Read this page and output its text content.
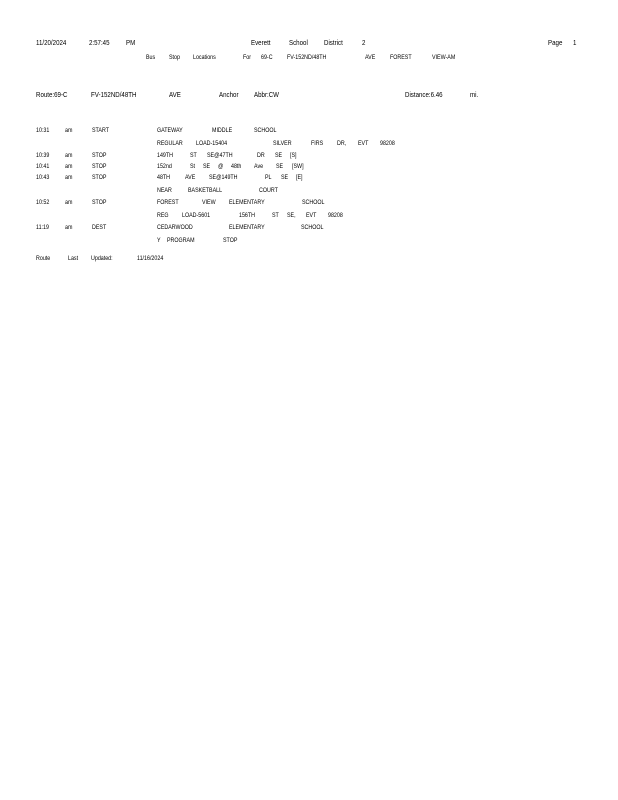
11/20/2024	2:57:45 PM	Everett School District	2	Page 1
Bus Stop Locations	For 69-C FV-152ND/48TH	AVE FOREST	VIEW-AM
Route:69-C	FV-152ND/48TH	AVE	Anchor Abbr:CW	Distance:6.46	mi.
10:31 am	START	GATEWAY	MIDDLE	SCHOOL
REGULAR LOAD-15404	SILVER	FIRS DR, EVT 98208
10:39 am	STOP	149TH	ST SE@47TH	DR SE [S]
10:41 am	STOP	152nd	St SE @ 48th Ave SE [SW]
10:43 am	STOP	48TH AVE SE@149TH	PL SE [E]
NEAR BASKETBALL	COURT
10:52 am	STOP	FOREST	VIEW ELEMENTARY	SCHOOL
REG LOAD-5601	156TH	ST SE, EVT 98208
11:19 am	DEST	CEDARWOOD	ELEMENTARY	SCHOOL
Y PROGRAM	STOP
Route	Last Updated:	11/16/2024
